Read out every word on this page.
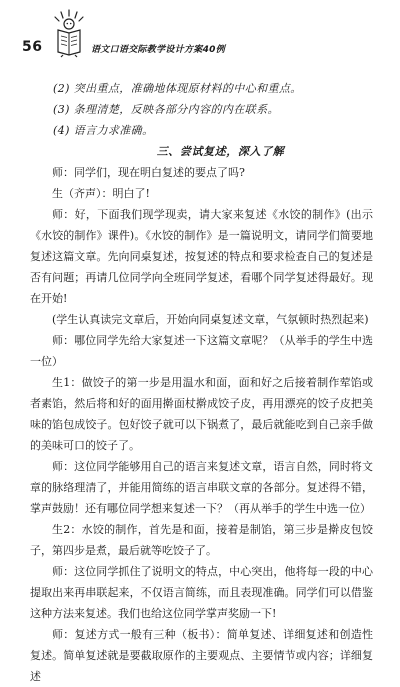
56	语文口语交际教学设计方案40例

(2) 突出重点，准确地体现原材料的中心和重点。

(3) 条理清楚，反映各部分内容的内在联系。

(4) 语言力求准确。

三、尝试复述，深入了解

师：同学们，现在明白复述的要点了吗?

生（齐声）：明白了!

师：好，下面我们现学现卖，请大家来复述《水饺的制作》(出示《水饺的制作》课件)。《水饺的制作》是一篇说明文，请同学们简要地复述这篇文章。先向同桌复述，按复述的特点和要求检查自己的复述是否有问题；再请几位同学向全班同学复述，看哪个同学复述得最好。现在开始!

(学生认真读完文章后，开始向同桌复述文章，气氛顿时热烈起来)

师：哪位同学先给大家复述一下这篇文章呢？（从举手的学生中选一位）

生1：做饺子的第一步是用温水和面，面和好之后接着制作荤馅或者素馅，然后将和好的面用擀面杖擀成饺子皮，再用漂亮的饺子皮把美味的馅包成饺子。包好饺子就可以下锅煮了，最后就能吃到自己亲手做的美味可口的饺子了。

师：这位同学能够用自己的语言来复述文章，语言自然，同时将文章的脉络理清了，并能用简练的语言串联文章的各部分。复述得不错，掌声鼓励！还有哪位同学想来复述一下？（再从举手的学生中选一位）

生2：水饺的制作，首先是和面，接着是制馅，第三步是擀皮包饺子，第四步是煮，最后就等吃饺子了。

师：这位同学抓住了说明文的特点，中心突出，他将每一段的中心提取出来再串联起来，不仅语言简练，而且表现准确。同学们可以借鉴这种方法来复述。我们也给这位同学掌声奖励一下!

师：复述方式一般有三种（板书）：简单复述、详细复述和创造性复述。简单复述就是要截取原作的主要观点、主要情节或内容；详细复述
